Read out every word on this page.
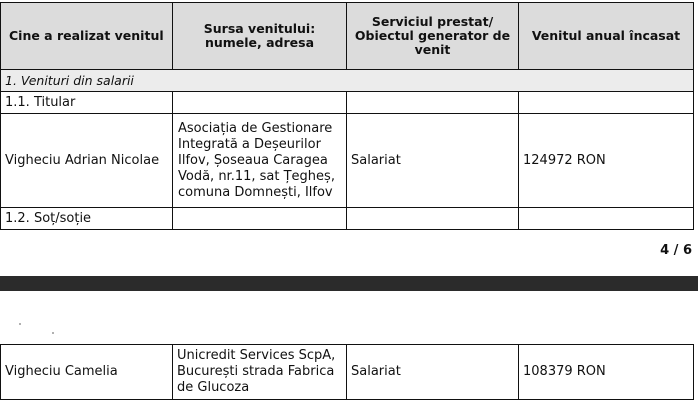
Cine a realizat venitul	Sursa venitului: numele, adresa	Serviciul prestat/ Obiectul generator de venit	Venitul anual încasat
1. Venituri din salarii			
1.1. Titular			
Vigheciu Adrian Nicolae	Asociația de Gestionare Integrată a Deșeurilor Ilfov, Șoseaua Caragea Vodă, nr.11, sat Țegheș, comuna Domnești, Ilfov	Salariat	124972 RON
1.2. Soț/soție			
4 / 6
Vigheciu Camelia	Unicredit Services ScpA, București strada Fabrica de Glucoza	Salariat	108379 RON
